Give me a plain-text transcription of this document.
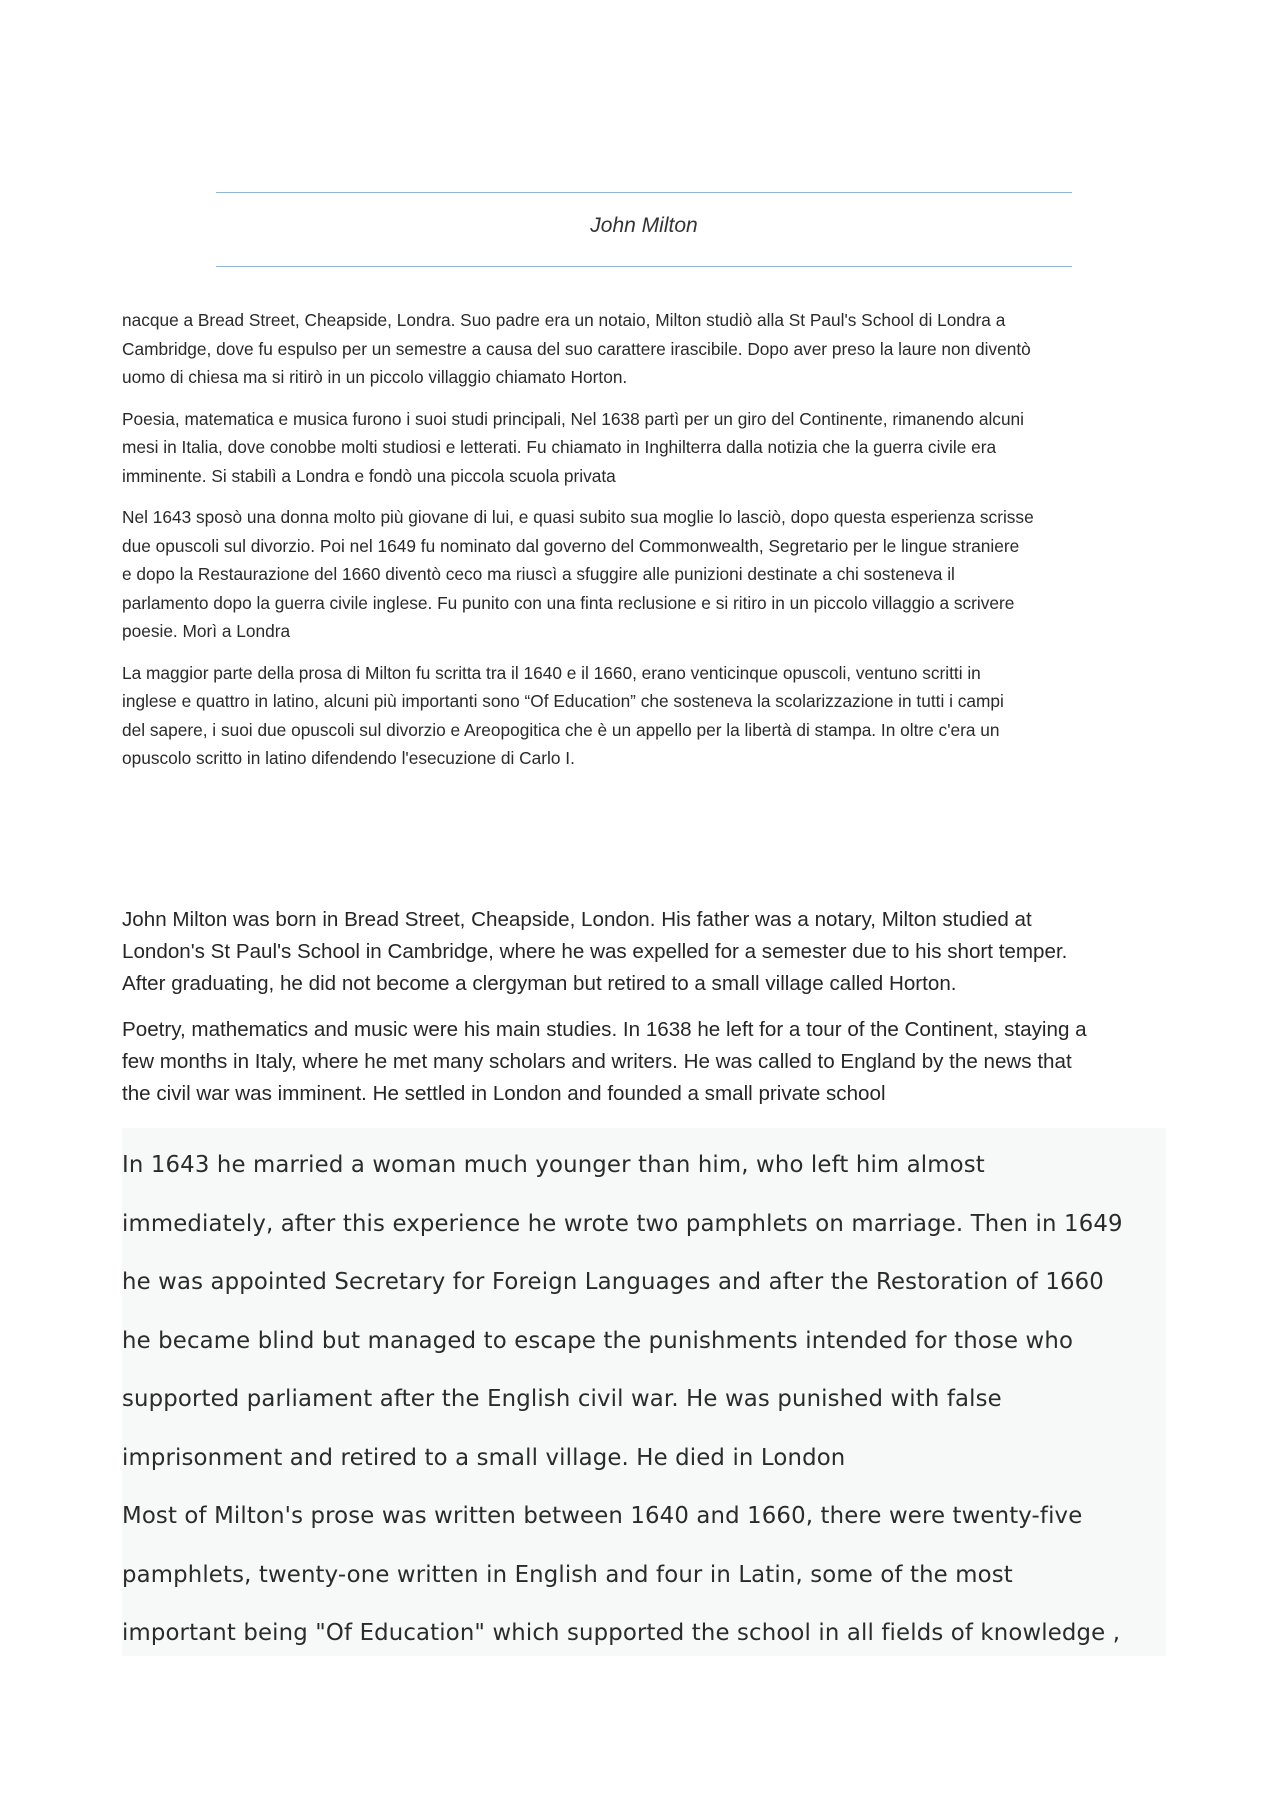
John Milton

nacque a Bread Street, Cheapside, Londra. Suo padre era un notaio, Milton studiò alla St Paul's School di Londra a
Cambridge, dove fu espulso per un semestre a causa del suo carattere irascibile. Dopo aver preso la laure non diventò
uomo di chiesa ma si ritirò in un piccolo villaggio chiamato Horton.

Poesia, matematica e musica furono i suoi studi principali, Nel 1638 partì per un giro del Continente, rimanendo alcuni
mesi in Italia, dove conobbe molti studiosi e letterati. Fu chiamato in Inghilterra dalla notizia che la guerra civile era
imminente. Si stabilì a Londra e fondò una piccola scuola privata

Nel 1643 sposò una donna molto più giovane di lui, e quasi subito sua moglie lo lasciò, dopo questa esperienza scrisse
due opuscoli sul divorzio. Poi nel 1649 fu nominato dal governo del Commonwealth, Segretario per le lingue straniere
e dopo la Restaurazione del 1660 diventò ceco ma riuscì a sfuggire alle punizioni destinate a chi sosteneva il
parlamento dopo la guerra civile inglese. Fu punito con una finta reclusione e si ritiro in un piccolo villaggio a scrivere
poesie. Morì a Londra

La maggior parte della prosa di Milton fu scritta tra il 1640 e il 1660, erano venticinque opuscoli, ventuno scritti in
inglese e quattro in latino, alcuni più importanti sono “Of Education” che sosteneva la scolarizzazione in tutti i campi
del sapere, i suoi due opuscoli sul divorzio e Areopogitica che è un appello per la libertà di stampa. In oltre c'era un
opuscolo scritto in latino difendendo l'esecuzione di Carlo I.

John Milton was born in Bread Street, Cheapside, London. His father was a notary, Milton studied at
London's St Paul's School in Cambridge, where he was expelled for a semester due to his short temper.
After graduating, he did not become a clergyman but retired to a small village called Horton.

Poetry, mathematics and music were his main studies. In 1638 he left for a tour of the Continent, staying a
few months in Italy, where he met many scholars and writers. He was called to England by the news that
the civil war was imminent. He settled in London and founded a small private school

In 1643 he married a woman much younger than him, who left him almost
immediately, after this experience he wrote two pamphlets on marriage. Then in 1649
he was appointed Secretary for Foreign Languages and after the Restoration of 1660
he became blind but managed to escape the punishments intended for those who
supported parliament after the English civil war. He was punished with false
imprisonment and retired to a small village. He died in London
Most of Milton's prose was written between 1640 and 1660, there were twenty-five
pamphlets, twenty-one written in English and four in Latin, some of the most
important being "Of Education" which supported the school in all fields of knowledge ,
